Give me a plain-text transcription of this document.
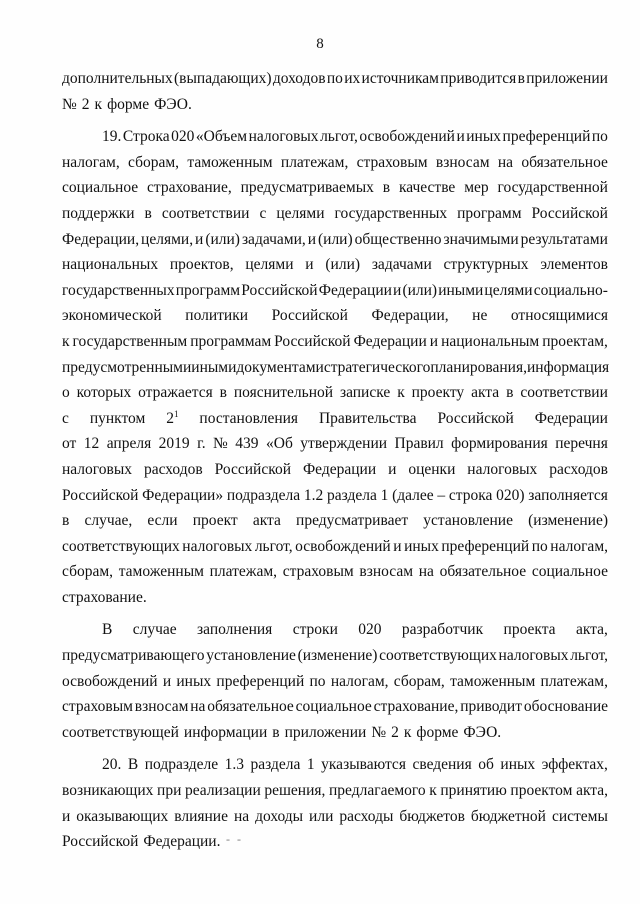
8
дополнительных (выпадающих) доходов по их источникам приводится в приложении
№ 2 к форме ФЭО.
19. Строка 020 «Объем налоговых льгот, освобождений и иных преференций по
налогам, сборам, таможенным платежам, страховым взносам на обязательное
социальное страхование, предусматриваемых в качестве мер государственной
поддержки в соответствии с целями государственных программ Российской
Федерации, целями, и (или) задачами, и (или) общественно значимыми результатами
национальных проектов, целями и (или) задачами структурных элементов
государственных программ Российской Федерации и (или) иными целями социально-
экономической политики Российской Федерации, не относящимися
к государственным программам Российской Федерации и национальным проектам,
предусмотренными иными документами стратегического планирования, информация
о которых отражается в пояснительной записке к проекту акта в соответствии
с пунктом $2^1$ постановления Правительства Российской Федерации
от 12 апреля 2019 г. № 439 «Об утверждении Правил формирования перечня
налоговых расходов Российской Федерации и оценки налоговых расходов
Российской Федерации» подраздела 1.2 раздела 1 (далее – строка 020) заполняется
в случае, если проект акта предусматривает установление (изменение)
соответствующих налоговых льгот, освобождений и иных преференций по налогам,
сборам, таможенным платежам, страховым взносам на обязательное социальное
страхование.
В случае заполнения строки 020 разработчик проекта акта,
предусматривающего установление (изменение) соответствующих налоговых льгот,
освобождений и иных преференций по налогам, сборам, таможенным платежам,
страховым взносам на обязательное социальное страхование, приводит обоснование
соответствующей информации в приложении № 2 к форме ФЭО.
20. В подразделе 1.3 раздела 1 указываются сведения об иных эффектах,
возникающих при реализации решения, предлагаемого к принятию проектом акта,
и оказывающих влияние на доходы или расходы бюджетов бюджетной системы
Российской Федерации. - -
